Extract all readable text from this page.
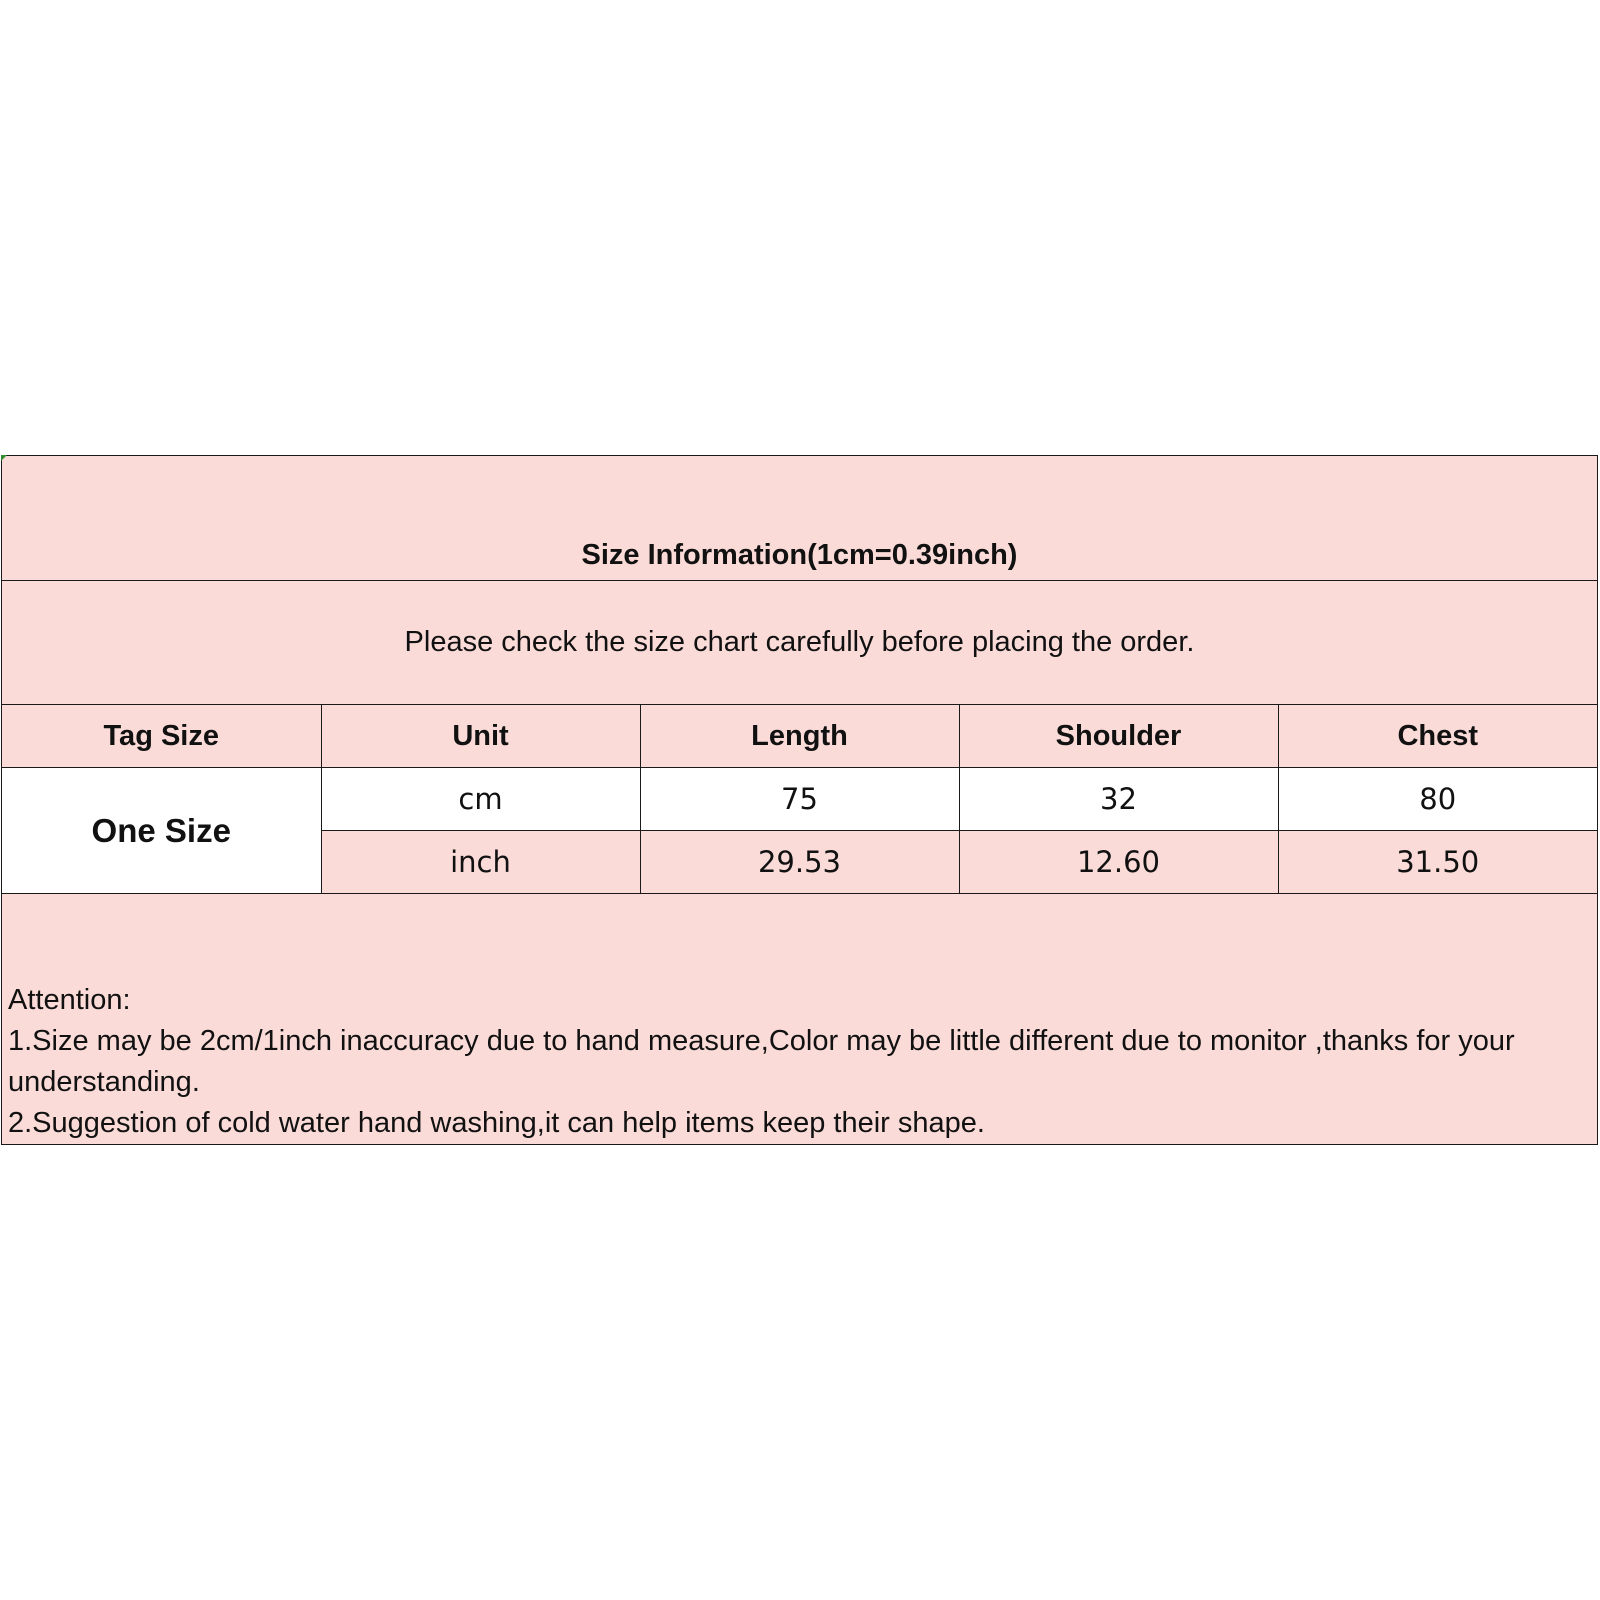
Size Information(1cm=0.39inch)
Please check the size chart carefully before placing the order.
Tag Size	Unit	Length	Shoulder	Chest
One Size	cm	75	32	80
	inch	29.53	12.60	31.50

Attention:

1.Size may be 2cm/1inch inaccuracy due to hand measure,Color may be little different due to monitor ,thanks for your understanding.

2.Suggestion of cold water hand washing,it can help items keep their shape.
